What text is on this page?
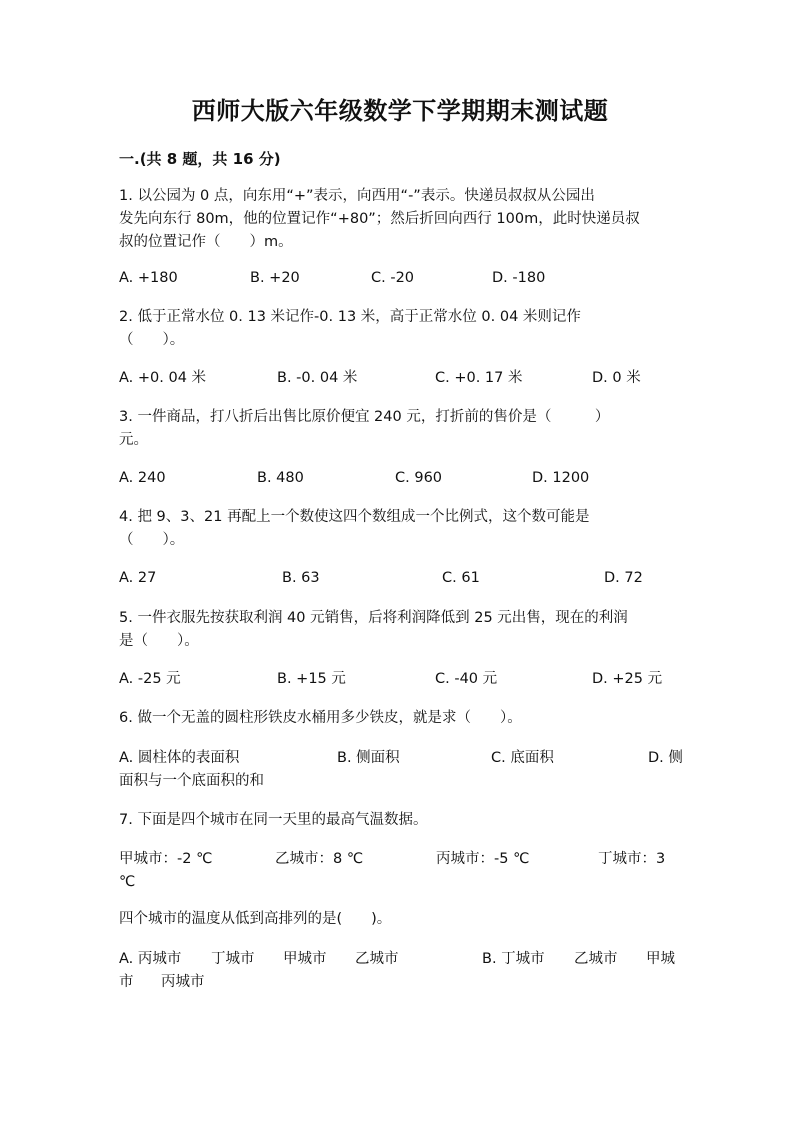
西师大版六年级数学下学期期末测试题
一.(共 8 题，共 16 分)
1. 以公园为 0 点，向东用“+”表示，向西用“-”表示。快递员叔叔从公园出
发先向东行 80m，他的位置记作“+80”；然后折回向西行 100m，此时快递员叔
叔的位置记作（　　）m。
A. +180	B. +20	C. -20	D. -180
2. 低于正常水位 0. 13 米记作-0. 13 米，高于正常水位 0. 04 米则记作
（　　）。
A. +0. 04 米	B. -0. 04 米	C. +0. 17 米	D. 0 米
3. 一件商品，打八折后出售比原价便宜 240 元，打折前的售价是（　　　）
元。
A. 240	B. 480	C. 960	D. 1200
4. 把 9、3、21 再配上一个数使这四个数组成一个比例式，这个数可能是
（　　）。
A. 27	B. 63	C. 61	D. 72
5. 一件衣服先按获取利润 40 元销售，后将利润降低到 25 元出售，现在的利润
是（　　）。
A. -25 元	B. +15 元	C. -40 元	D. +25 元
6. 做一个无盖的圆柱形铁皮水桶用多少铁皮，就是求（　　）。
A. 圆柱体的表面积	B. 侧面积	C. 底面积	D. 侧
面积与一个底面积的和
7. 下面是四个城市在同一天里的最高气温数据。
甲城市：-2 ℃	乙城市：8 ℃	丙城市：-5 ℃	丁城市：3
℃
四个城市的温度从低到高排列的是(　　)。
A. 丙城市 丁城市 甲城市 乙城市	B. 丁城市 乙城市 甲城
市 丙城市
